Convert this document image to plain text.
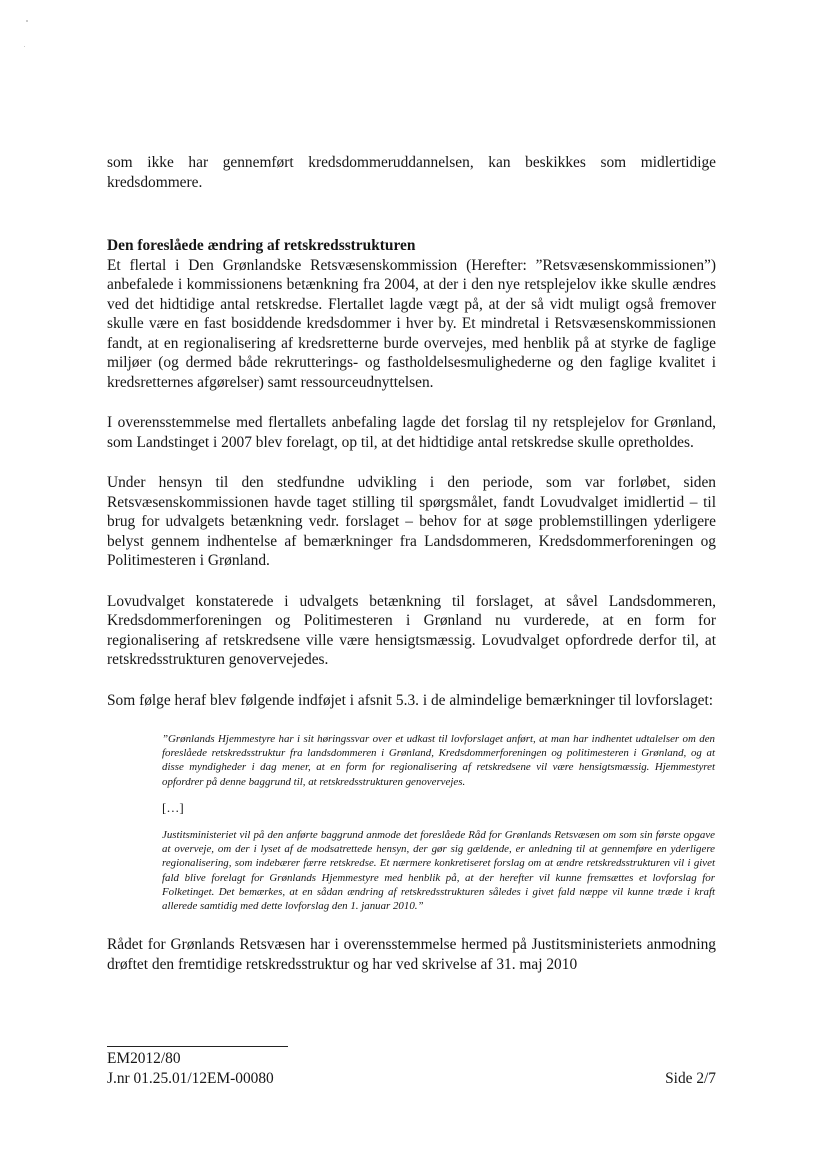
som ikke har gennemført kredsdommeruddannelsen, kan beskikkes som midlertidige kredsdommere.

Den foreslåede ændring af retskredsstrukturen

Et flertal i Den Grønlandske Retsvæsenskommission (Herefter: ”Retsvæsenskommissionen”) anbefalede i kommissionens betænkning fra 2004, at der i den nye retsplejelov ikke skulle ændres ved det hidtidige antal retskredse. Flertallet lagde vægt på, at der så vidt muligt også fremover skulle være en fast bosiddende kredsdommer i hver by. Et mindretal i Retsvæsenskommissionen fandt, at en regionalisering af kredsretterne burde overvejes, med henblik på at styrke de faglige miljøer (og dermed både rekrutterings- og fastholdelsesmulighederne og den faglige kvalitet i kredsretternes afgørelser) samt ressourceudnyttelsen.

I overensstemmelse med flertallets anbefaling lagde det forslag til ny retsplejelov for Grønland, som Landstinget i 2007 blev forelagt, op til, at det hidtidige antal retskredse skulle opretholdes.

Under hensyn til den stedfundne udvikling i den periode, som var forløbet, siden Retsvæsenskommissionen havde taget stilling til spørgsmålet, fandt Lovudvalget imidlertid – til brug for udvalgets betænkning vedr. forslaget – behov for at søge problemstillingen yderligere belyst gennem indhentelse af bemærkninger fra Landsdommeren, Kredsdommerforeningen og Politimesteren i Grønland.

Lovudvalget konstaterede i udvalgets betænkning til forslaget, at såvel Landsdommeren, Kredsdommerforeningen og Politimesteren i Grønland nu vurderede, at en form for regionalisering af retskredsene ville være hensigtsmæssig. Lovudvalget opfordrede derfor til, at retskredsstrukturen genovervejedes.

Som følge heraf blev følgende indføjet i afsnit 5.3. i de almindelige bemærkninger til lovforslaget:

”Grønlands Hjemmestyre har i sit høringssvar over et udkast til lovforslaget anført, at man har indhentet udtalelser om den foreslåede retskredsstruktur fra landsdommeren i Grønland, Kredsdommerforeningen og politimesteren i Grønland, og at disse myndigheder i dag mener, at en form for regionalisering af retskredsene vil være hensigtsmæssig. Hjemmestyret opfordrer på denne baggrund til, at retskredsstrukturen genovervejes.

[…]

Justitsministeriet vil på den anførte baggrund anmode det foreslåede Råd for Grønlands Retsvæsen om som sin første opgave at overveje, om der i lyset af de modsatrettede hensyn, der gør sig gældende, er anledning til at gennemføre en yderligere regionalisering, som indebærer færre retskredse. Et nærmere konkretiseret forslag om at ændre retskredsstrukturen vil i givet fald blive forelagt for Grønlands Hjemmestyre med henblik på, at der herefter vil kunne fremsættes et lovforslag for Folketinget. Det bemærkes, at en sådan ændring af retskredsstrukturen således i givet fald næppe vil kunne træde i kraft allerede samtidig med dette lovforslag den 1. januar 2010.”

Rådet for Grønlands Retsvæsen har i overensstemmelse hermed på Justitsministeriets anmodning drøftet den fremtidige retskredsstruktur og har ved skrivelse af 31. maj 2010

EM2012/80
J.nr 01.25.01/12EM-00080	Side 2/7
